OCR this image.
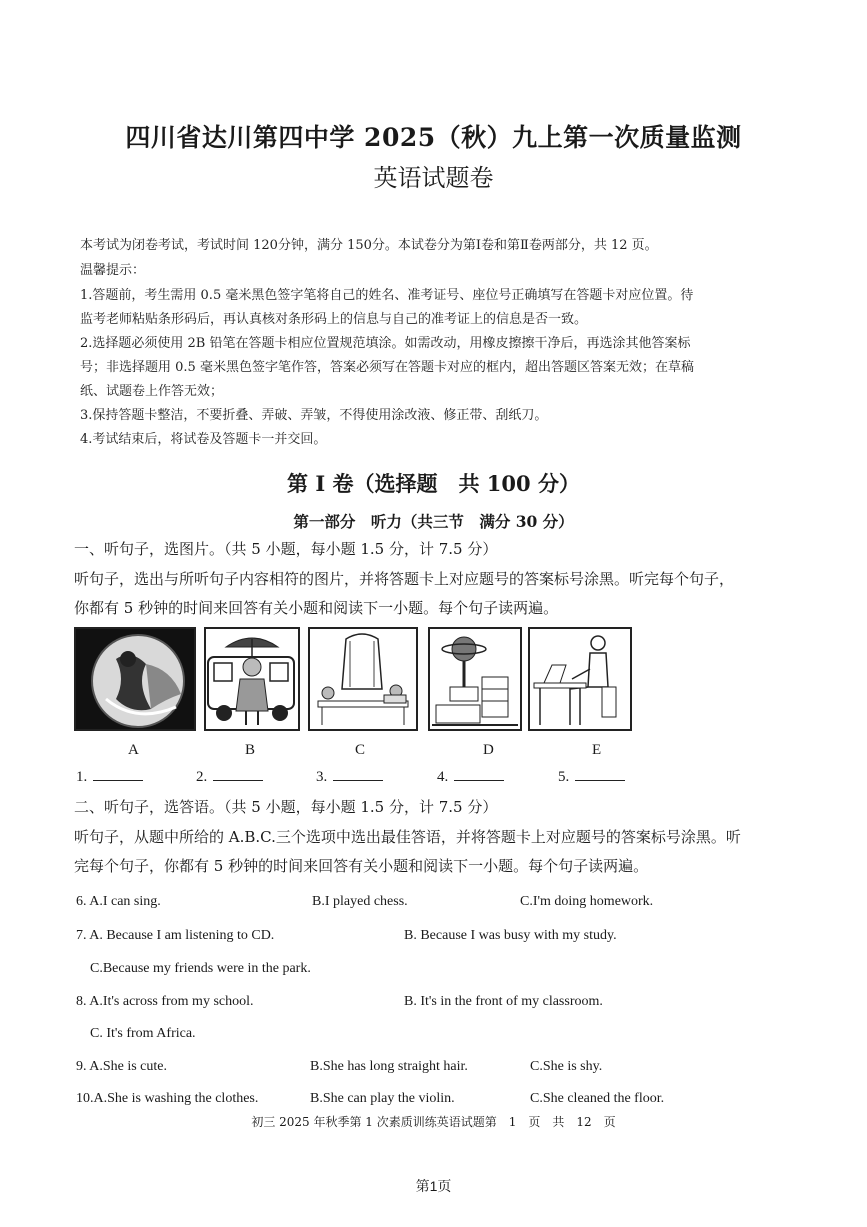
四川省达川第四中学 2025（秋）九上第一次质量监测
英语试题卷
本考试为闭卷考试，考试时间 120分钟，满分 150分。本试卷分为第Ⅰ卷和第Ⅱ卷两部分，共 12 页。
温馨提示：
1.答题前，考生需用 0.5 毫米黑色签字笔将自己的姓名、准考证号、座位号正确填写在答题卡对应位置。待
监考老师粘贴条形码后，再认真核对条形码上的信息与自己的准考证上的信息是否一致。
2.选择题必须使用 2B 铅笔在答题卡相应位置规范填涂。如需改动，用橡皮擦擦干净后，再选涂其他答案标
号；非选择题用 0.5 毫米黑色签字笔作答，答案必须写在答题卡对应的框内，超出答题区答案无效；在草稿
纸、试题卷上作答无效；
3.保持答题卡整洁，不要折叠、弄破、弄皱，不得使用涂改液、修正带、刮纸刀。
4.考试结束后，将试卷及答题卡一并交回。
第 I 卷（选择题　共 100 分）
第一部分　听力（共三节　满分 30 分）
一、听句子，选图片。（共 5 小题，每小题 1.5 分，计 7.5 分）
听句子，选出与所听句子内容相符的图片，并将答题卡上对应题号的答案标号涂黑。听完每个句子，
你都有 5 秒钟的时间来回答有关小题和阅读下一小题。每个句子读两遍。
A	B	C	D	E
1.	2.	3.	4.	5.
二、听句子，选答语。（共 5 小题，每小题 1.5 分，计 7.5 分）
听句子，从题中所给的 A.B.C.三个选项中选出最佳答语，并将答题卡上对应题号的答案标号涂黑。听
完每个句子，你都有 5 秒钟的时间来回答有关小题和阅读下一小题。每个句子读两遍。
6. A.I can sing.	B.I played chess.	C.I'm doing homework.
7. A. Because I am listening to CD.	B. Because I was busy with my study.
C.Because my friends were in the park.
8. A.It's across from my school.	B. It's in the front of my classroom.
C. It's from Africa.
9. A.She is cute.	B.She has long straight hair.	C.She is shy.
10.A.She is washing the clothes.	B.She can play the violin.	C.She cleaned the floor.
初三 2025 年秋季第 1 次素质训练英语试题第　1　页　共　12　页
第1页
